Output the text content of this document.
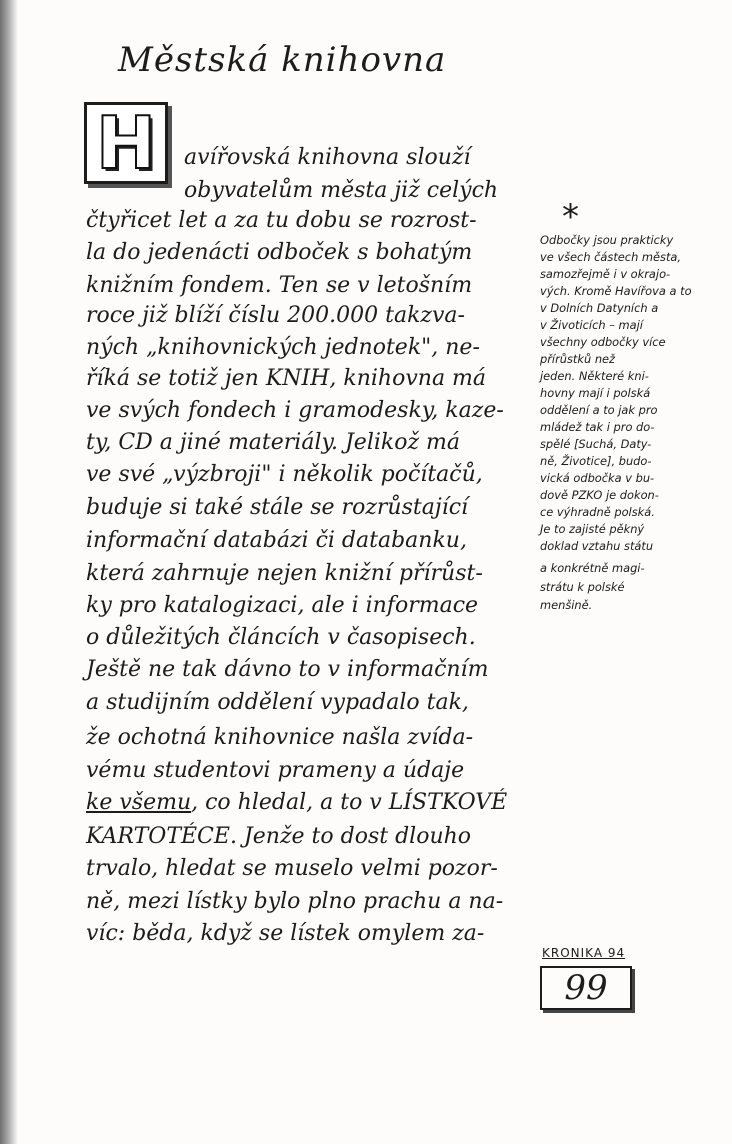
Městská knihovna
H avířovská knihovna slouží
obyvatelům města již celých
čtyřicet let a za tu dobu se rozrost-
la do jedenácti odboček s bohatým
knižním fondem. Ten se v letošním
roce již blíží číslu 200.000 takzva-
ných „knihovnických jednotek", ne-
říká se totiž jen KNIH, knihovna má
ve svých fondech i gramodesky, kaze-
ty, CD a jiné materiály. Jelikož má
ve své „výzbroji" i několik počítačů,
buduje si také stále se rozrůstající
informační databázi či databanku,
která zahrnuje nejen knižní přírůst-
ky pro katalogizaci, ale i informace
o důležitých článcích v časopisech.
Ještě ne tak dávno to v informačním
a studijním oddělení vypadalo tak,
že ochotná knihovnice našla zvída-
vému studentovi prameny a údaje
ke všemu, co hledal, a to v LÍSTKOVÉ
KARTOTÉCE. Jenže to dost dlouho
trvalo, hledat se muselo velmi pozor-
ně, mezi lístky bylo plno prachu a na-
víc: běda, když se lístek omylem za-
*
Odbočky jsou prakticky
ve všech částech města,
samozřejmě i v okrajo-
vých. Kromě Havířova a to
v Dolních Datyních a
v Životicích – mají
všechny odbočky více
přírůstků než
jeden. Některé kni-
hovny mají i polská
oddělení a to jak pro
mládež tak i pro do-
spělé [Suchá, Daty-
ně, Životice], budo-
vická odbočka v bu-
dově PZKO je dokon-
ce výhradně polská.
Je to zajisté pěkný
doklad vztahu státu
a konkrétně magi-
strátu k polské
menšině.
KRONIKA 94
99
